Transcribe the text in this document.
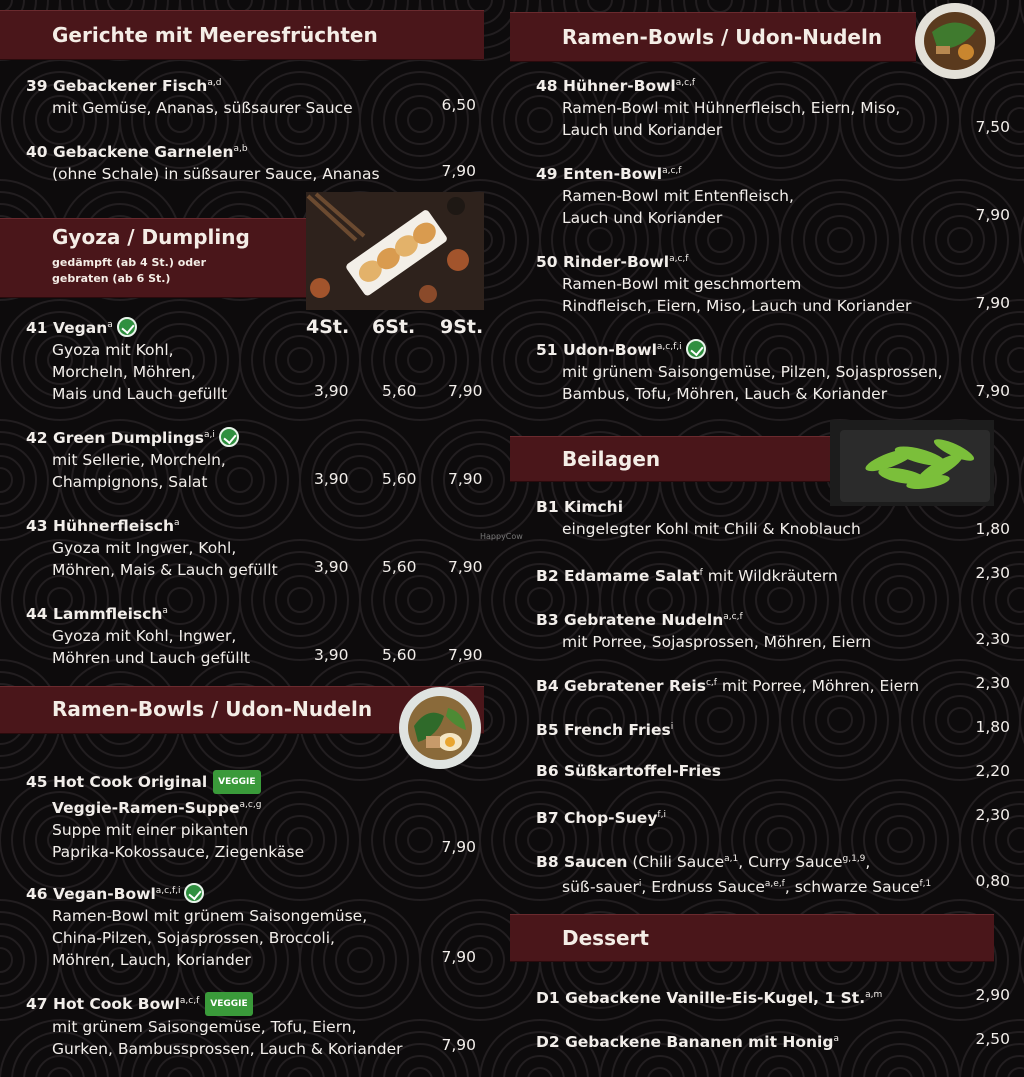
Gerichte mit Meeresfrüchten
39 Gebackener Fisch$^{a,d}$
mit Gemüse, Ananas, süßsaurer Sauce	6,50
40 Gebackene Garnelen$^{a,b}$
(ohne Schale) in süßsaurer Sauce, Ananas	7,90
Gyoza / Dumpling
gedämpft (ab 4 St.) oder
gebraten (ab 6 St.)
4St. 6St. 9St.
41 Vegan$^a$
Gyoza mit Kohl,
Morcheln, Möhren,
Mais und Lauch gefüllt	3,90 5,60 7,90
42 Green Dumplings$^{a,i}$
mit Sellerie, Morcheln,
Champignons, Salat	3,90 5,60 7,90
43 Hühnerfleisch$^a$
Gyoza mit Ingwer, Kohl,
Möhren, Mais & Lauch gefüllt	3,90 5,60 7,90
44 Lammfleisch$^a$
Gyoza mit Kohl, Ingwer,
Möhren und Lauch gefüllt	3,90 5,60 7,90
Ramen-Bowls / Udon-Nudeln
45 Hot Cook Original VEGGIE
Veggie-Ramen-Suppe$^{a,c,g}$
Suppe mit einer pikanten
Paprika-Kokossauce, Ziegenkäse	7,90
46 Vegan-Bowl$^{a,c,f,i}$
Ramen-Bowl mit grünem Saisongemüse,
China-Pilzen, Sojasprossen, Broccoli,
Möhren, Lauch, Koriander	7,90
47 Hot Cook Bowl$^{a,c,f}$ VEGGIE
mit grünem Saisongemüse, Tofu, Eiern,
Gurken, Bambussprossen, Lauch & Koriander	7,90
Ramen-Bowls / Udon-Nudeln
48 Hühner-Bowl$^{a,c,f}$
Ramen-Bowl mit Hühnerfleisch, Eiern, Miso,
Lauch und Koriander	7,50
49 Enten-Bowl$^{a,c,f}$
Ramen-Bowl mit Entenfleisch,
Lauch und Koriander	7,90
50 Rinder-Bowl$^{a,c,f}$
Ramen-Bowl mit geschmortem
Rindfleisch, Eiern, Miso, Lauch und Koriander	7,90
51 Udon-Bowl$^{a,c,f,i}$
mit grünem Saisongemüse, Pilzen, Sojasprossen,
Bambus, Tofu, Möhren, Lauch & Koriander	7,90
Beilagen
HappyCow
B1 Kimchi
eingelegter Kohl mit Chili & Knoblauch	1,80
B2 Edamame Salat$^f$ mit Wildkräutern	2,30
B3 Gebratene Nudeln$^{a,c,f}$
mit Porree, Sojasprossen, Möhren, Eiern	2,30
B4 Gebratener Reis$^{c,f}$ mit Porree, Möhren, Eiern	2,30
B5 French Fries$^i$	1,80
B6 Süßkartoffel-Fries	2,20
B7 Chop-Suey$^{f,i}$	2,30
B8 Saucen (Chili Sauce$^{a,1}$, Curry Sauce$^{g,1,9}$,
süß-sauer$^i$, Erdnuss Sauce$^{a,e,f}$, schwarze Sauce$^{f,1}$	0,80
Dessert
D1 Gebackene Vanille-Eis-Kugel, 1 St.$^{a,m}$	2,90
D2 Gebackene Bananen mit Honig$^a$	2,50
